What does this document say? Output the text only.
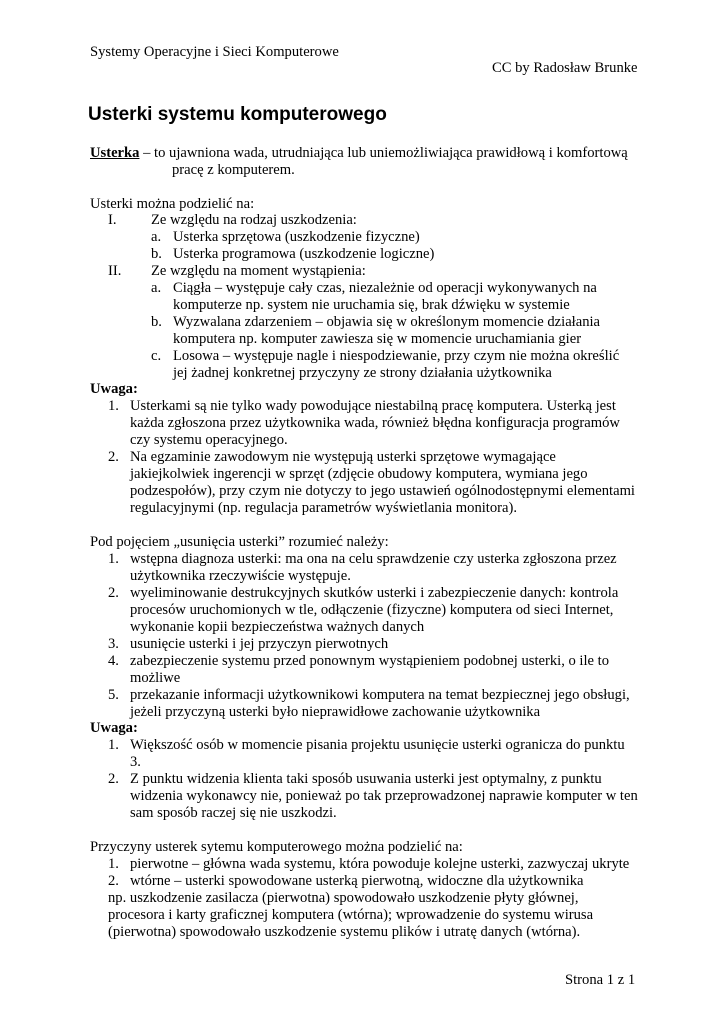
Systemy Operacyjne i Sieci Komputerowe
CC by Radosław Brunke
Usterki systemu komputerowego
Usterka – to ujawniona wada, utrudniająca lub uniemożliwiająca prawidłową i komfortową
pracę z komputerem.
Usterki można podzielić na:
I. Ze względu na rodzaj uszkodzenia:
a. Usterka sprzętowa (uszkodzenie fizyczne)
b. Usterka programowa (uszkodzenie logiczne)
II. Ze względu na moment wystąpienia:
a. Ciągła – występuje cały czas, niezależnie od operacji wykonywanych na
komputerze np. system nie uruchamia się, brak dźwięku w systemie
b. Wyzwalana zdarzeniem – objawia się w określonym momencie działania
komputera np. komputer zawiesza się w momencie uruchamiania gier
c. Losowa – występuje nagle i niespodziewanie, przy czym nie można określić
jej żadnej konkretnej przyczyny ze strony działania użytkownika
Uwaga:
1. Usterkami są nie tylko wady powodujące niestabilną pracę komputera. Usterką jest
każda zgłoszona przez użytkownika wada, również błędna konfiguracja programów
czy systemu operacyjnego.
2. Na egzaminie zawodowym nie występują usterki sprzętowe wymagające
jakiejkolwiek ingerencji w sprzęt (zdjęcie obudowy komputera, wymiana jego
podzespołów), przy czym nie dotyczy to jego ustawień ogólnodostępnymi elementami
regulacyjnymi (np. regulacja parametrów wyświetlania monitora).
Pod pojęciem „usunięcia usterki” rozumieć należy:
1. wstępna diagnoza usterki: ma ona na celu sprawdzenie czy usterka zgłoszona przez
użytkownika rzeczywiście występuje.
2. wyeliminowanie destrukcyjnych skutków usterki i zabezpieczenie danych: kontrola
procesów uruchomionych w tle, odłączenie (fizyczne) komputera od sieci Internet,
wykonanie kopii bezpieczeństwa ważnych danych
3. usunięcie usterki i jej przyczyn pierwotnych
4. zabezpieczenie systemu przed ponownym wystąpieniem podobnej usterki, o ile to
możliwe
5. przekazanie informacji użytkownikowi komputera na temat bezpiecznej jego obsługi,
jeżeli przyczyną usterki było nieprawidłowe zachowanie użytkownika
Uwaga:
1. Większość osób w momencie pisania projektu usunięcie usterki ogranicza do punktu
3.
2. Z punktu widzenia klienta taki sposób usuwania usterki jest optymalny, z punktu
widzenia wykonawcy nie, ponieważ po tak przeprowadzonej naprawie komputer w ten
sam sposób raczej się nie uszkodzi.
Przyczyny usterek sytemu komputerowego można podzielić na:
1. pierwotne – główna wada systemu, która powoduje kolejne usterki, zazwyczaj ukryte
2. wtórne – usterki spowodowane usterką pierwotną, widoczne dla użytkownika
np. uszkodzenie zasilacza (pierwotna) spowodowało uszkodzenie płyty głównej,
procesora i karty graficznej komputera (wtórna); wprowadzenie do systemu wirusa
(pierwotna) spowodowało uszkodzenie systemu plików i utratę danych (wtórna).
Strona 1 z 1
